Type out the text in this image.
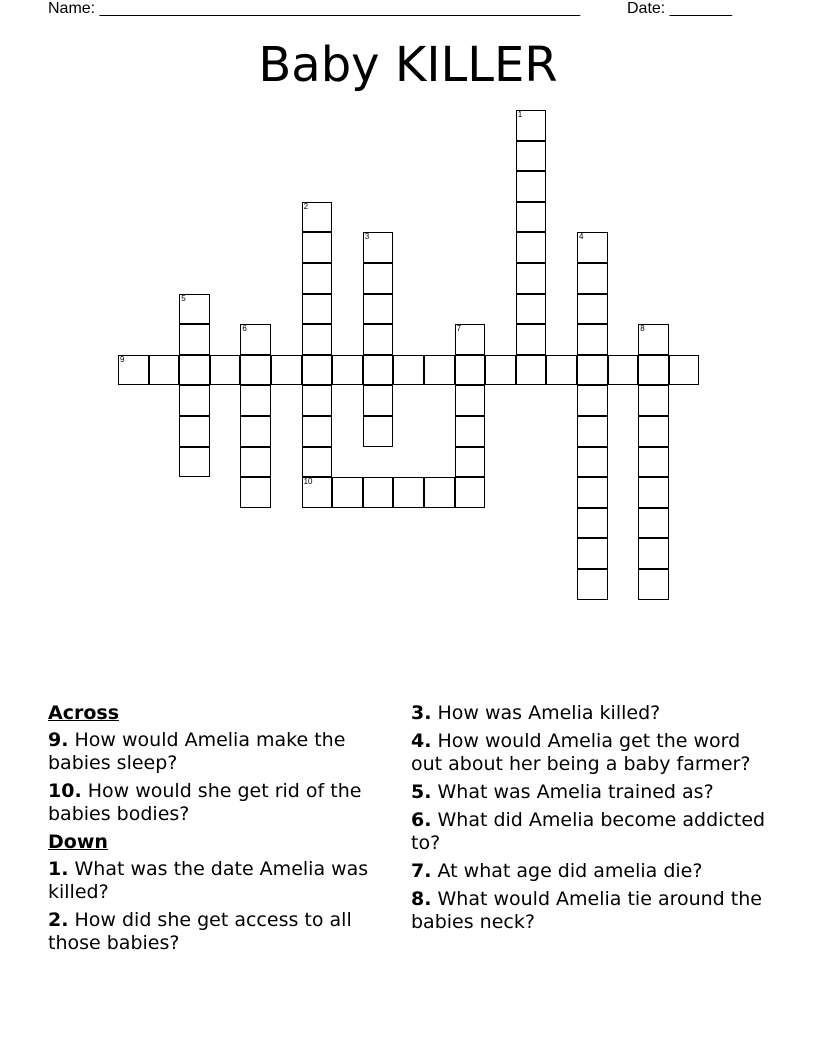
Name: ______________________________________________________	Date: _______
Baby KILLER
1
2
10
3	4
5
6	7	8
9
Across
9. How would Amelia make the babies sleep?
10. How would she get rid of the babies bodies?
Down
1. What was the date Amelia was killed?
2. How did she get access to all those babies?
3. How was Amelia killed?
4. How would Amelia get the word out about her being a baby farmer?
5. What was Amelia trained as?
6. What did Amelia become addicted to?
7. At what age did amelia die?
8. What would Amelia tie around the babies neck?
